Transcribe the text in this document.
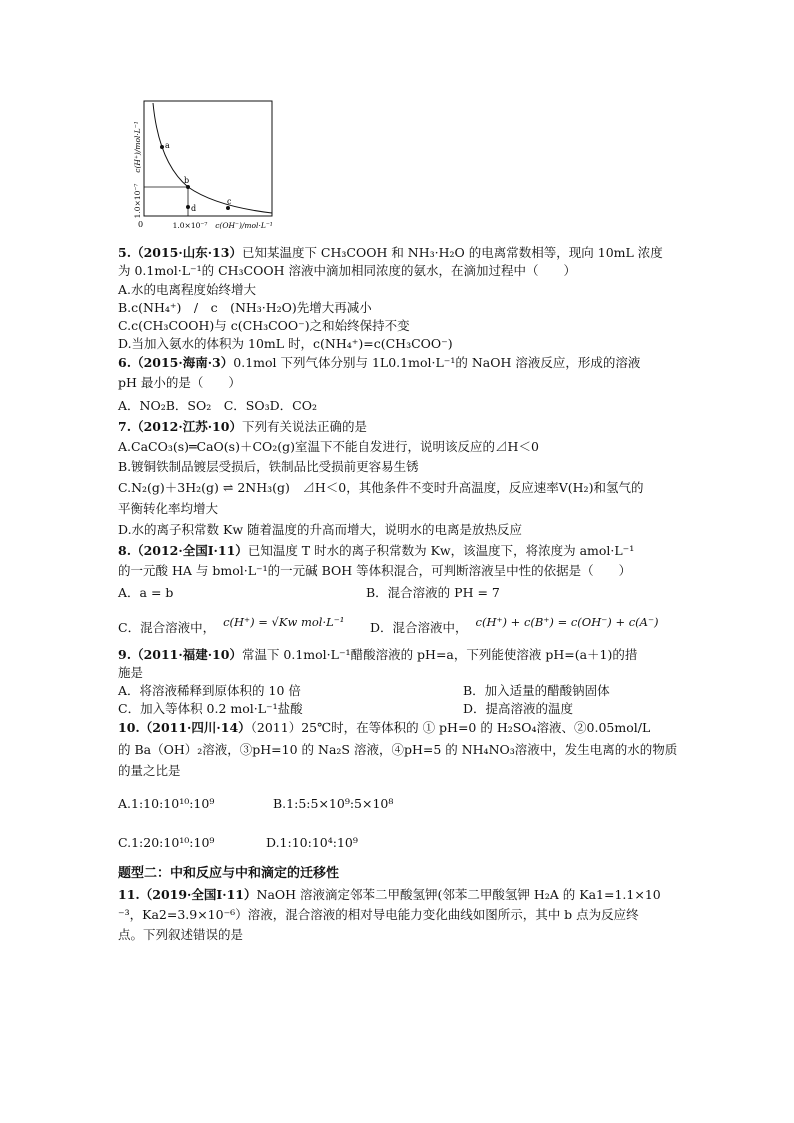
a
b
c
d
c(H⁺)/mol·L⁻¹
1.0×10⁻⁷
0	1.0×10⁻⁷ c(OH⁻)/mol·L⁻¹
5.（2015·山东·13）已知某温度下 CH₃COOH 和 NH₃·H₂O 的电离常数相等，现向 10mL 浓度
为 0.1mol·L⁻¹的 CH₃COOH 溶液中滴加相同浓度的氨水，在滴加过程中（　　）
A.水的电离程度始终增大
B.c(NH₄⁺)　/　c　(NH₃·H₂O)先增大再减小
C.c(CH₃COOH)与 c(CH₃COO⁻)之和始终保持不变
D.当加入氨水的体积为 10mL 时，c(NH₄⁺)=c(CH₃COO⁻)
6.（2015·海南·3）0.1mol 下列气体分别与 1L0.1mol·L⁻¹的 NaOH 溶液反应，形成的溶液
pH 最小的是（　　）
A．NO₂B．SO₂　C．SO₃D．CO₂
7.（2012·江苏·10）下列有关说法正确的是
A.CaCO₃(s)═CaO(s)＋CO₂(g)室温下不能自发进行，说明该反应的⊿H＜0
B.镀铜铁制品镀层受损后，铁制品比受损前更容易生锈
C.N₂(g)＋3H₂(g) ⇌ 2NH₃(g)　⊿H＜0，其他条件不变时升高温度，反应速率Ⅴ(H₂)和氢气的
平衡转化率均增大
D.水的离子积常数 Kw 随着温度的升高而增大，说明水的电离是放热反应
8.（2012·全国Ⅰ·11）已知温度 T 时水的离子积常数为 Kw，该温度下，将浓度为 amol·L⁻¹
的一元酸 HA 与 bmol·L⁻¹的一元碱 BOH 等体积混合，可判断溶液呈中性的依据是（　　）
A．a = b	B．混合溶液的 PH = 7
C．混合溶液中， c(H⁺) = √Kw mol·L⁻¹ D．混合溶液中， c(H⁺) + c(B⁺) = c(OH⁻) + c(A⁻)
9.（2011·福建·10）常温下 0.1mol·L⁻¹醋酸溶液的 pH=a，下列能使溶液 pH=(a＋1)的措
施是
A．将溶液稀释到原体积的 10 倍	B．加入适量的醋酸钠固体
C．加入等体积 0.2 mol·L⁻¹盐酸	D．提高溶液的温度
10.（2011·四川·14）（2011）25℃时，在等体积的 ① pH=0 的 H₂SO₄溶液、②0.05mol/L
的 Ba（OH）₂溶液，③pH=10 的 Na₂S 溶液，④pH=5 的 NH₄NO₃溶液中，发生电离的水的物质
的量之比是
A.1:10:10¹⁰:10⁹	B.1:5:5×10⁹:5×10⁸
C.1:20:10¹⁰:10⁹	D.1:10:10⁴:10⁹
题型二：中和反应与中和滴定的迁移性
11.（2019·全国Ⅰ·11）NaOH 溶液滴定邻苯二甲酸氢钾(邻苯二甲酸氢钾 H₂A 的 Ka1=1.1×10
⁻³，Ka2=3.9×10⁻⁶）溶液，混合溶液的相对导电能力变化曲线如图所示，其中 b 点为反应终
点。下列叙述错误的是
